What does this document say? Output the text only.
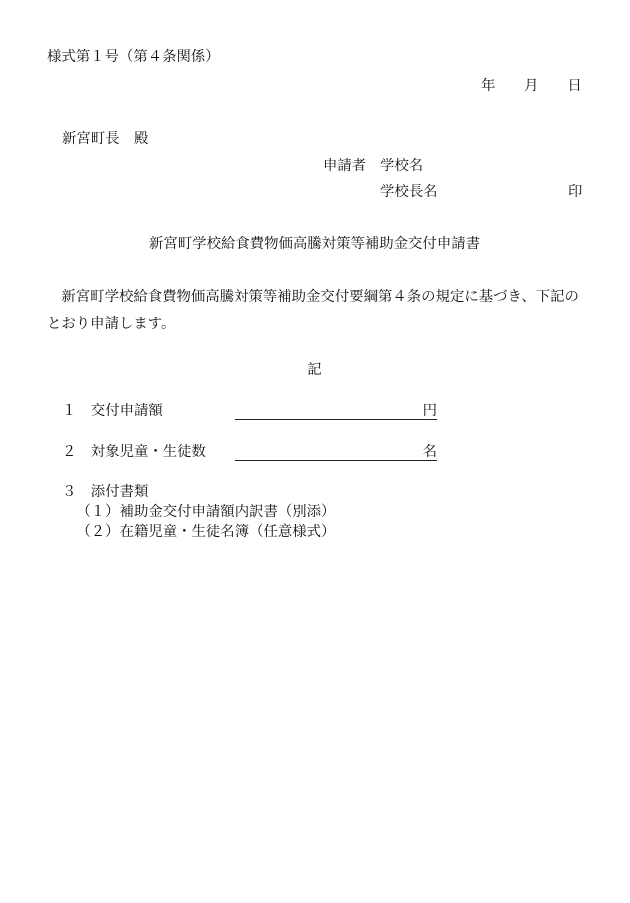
様式第１号（第４条関係）
年　　月　　日
新宮町長　殿
申請者 学校名
学校長名	印
新宮町学校給食費物価高騰対策等補助金交付申請書
新宮町学校給食費物価高騰対策等補助金交付要綱第４条の規定に基づき、下記のとおり申請します。
記
１ 交付申請額	円
２ 対象児童・生徒数	名
３ 添付書類
（１）補助金交付申請額内訳書（別添）
（２）在籍児童・生徒名簿（任意様式）
